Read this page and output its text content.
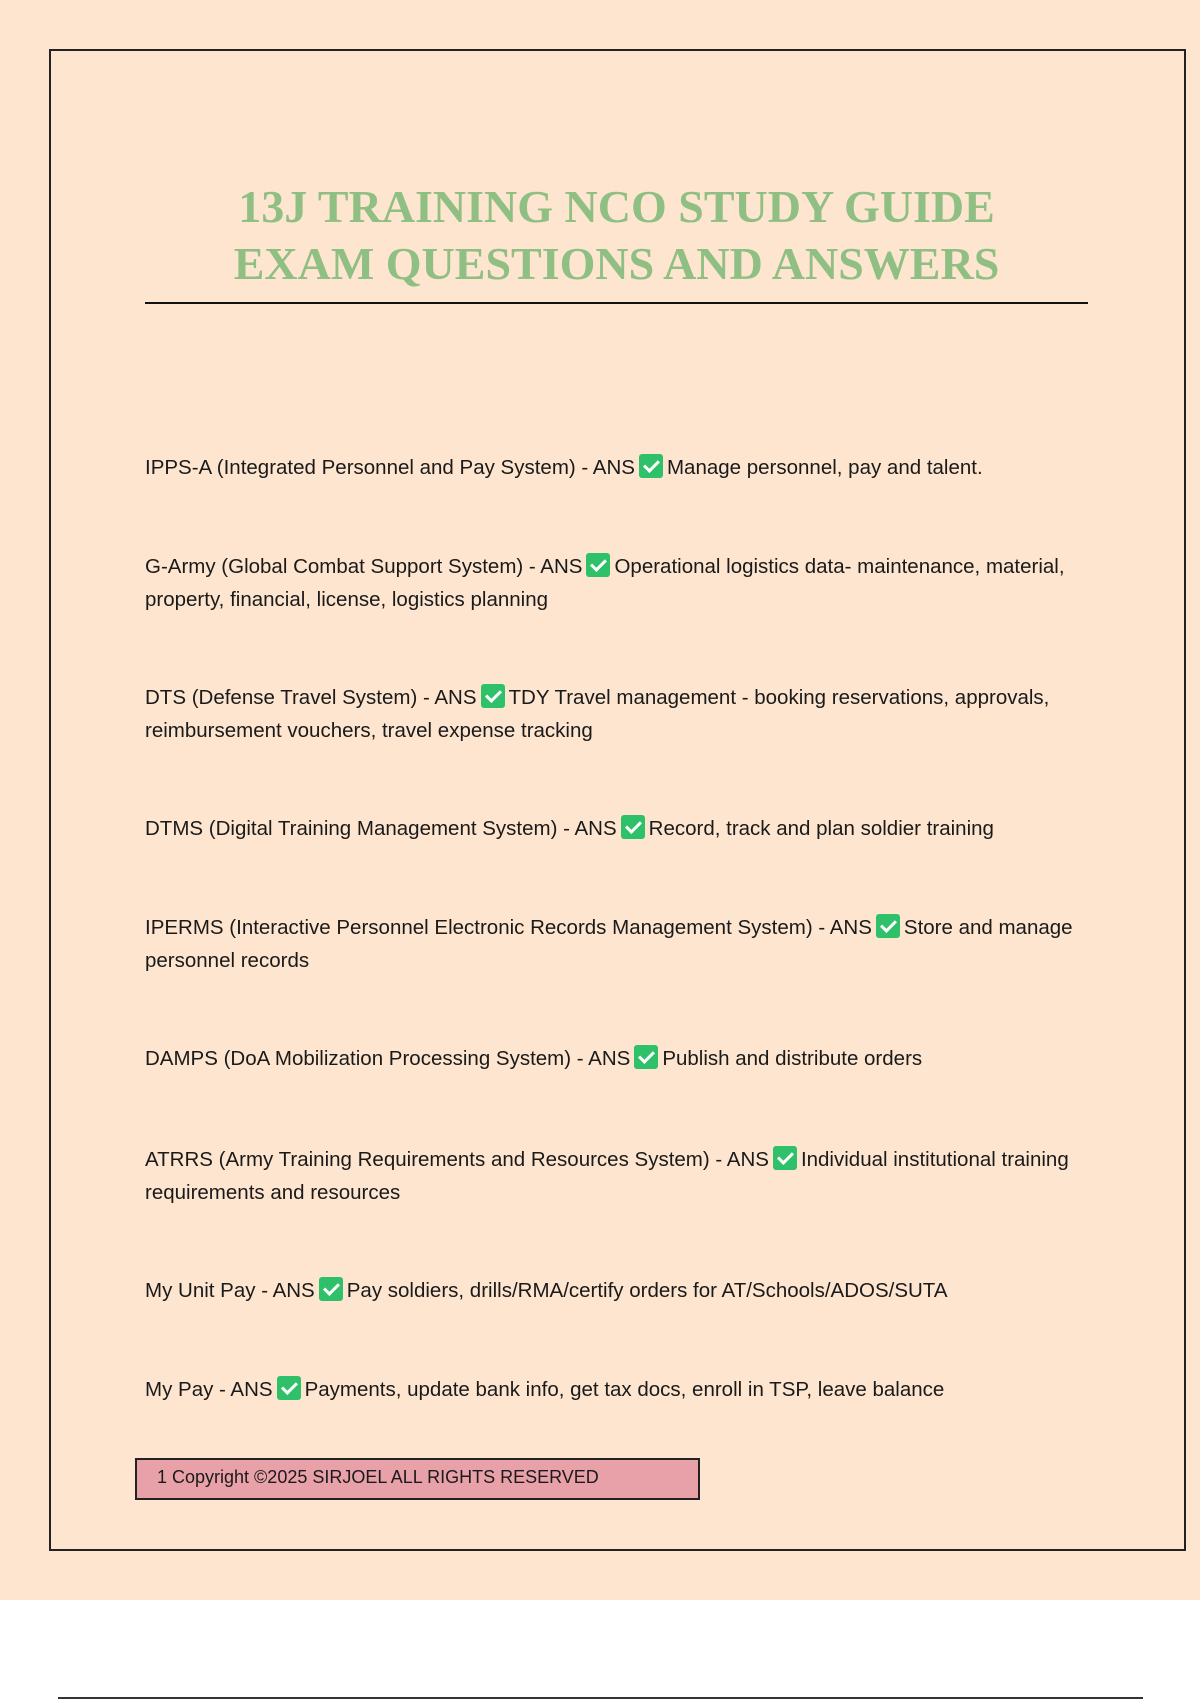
13J TRAINING NCO STUDY GUIDE
EXAM QUESTIONS AND ANSWERS
IPPS-A (Integrated Personnel and Pay System) - ANS Manage personnel, pay and talent.
G-Army (Global Combat Support System) - ANS Operational logistics data- maintenance, material, property, financial, license, logistics planning
DTS (Defense Travel System) - ANS TDY Travel management - booking reservations, approvals, reimbursement vouchers, travel expense tracking
DTMS (Digital Training Management System) - ANS Record, track and plan soldier training
IPERMS (Interactive Personnel Electronic Records Management System) - ANS Store and manage personnel records
DAMPS (DoA Mobilization Processing System) - ANS Publish and distribute orders
ATRRS (Army Training Requirements and Resources System) - ANS Individual institutional training requirements and resources
My Unit Pay - ANS Pay soldiers, drills/RMA/certify orders for AT/Schools/ADOS/SUTA
My Pay - ANS Payments, update bank info, get tax docs, enroll in TSP, leave balance
1 Copyright ©2025 SIRJOEL ALL RIGHTS RESERVED
